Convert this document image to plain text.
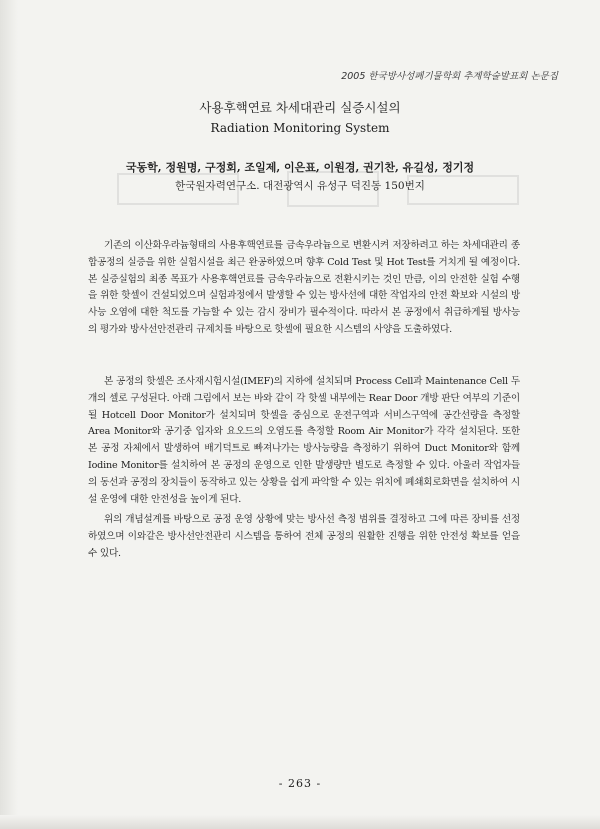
2005 한국방사성폐기물학회 추계학술발표회 논문집
사용후핵연료 차세대관리 실증시설의
Radiation Monitoring System
국동학, 정원명, 구정회, 조일제, 이은표, 이원경, 권기찬, 유길성, 정기정
한국원자력연구소. 대전광역시 유성구 덕진동 150번지

기존의 이산화우라늄형태의 사용후핵연료를 금속우라늄으로 변환시켜 저장하려고 하는 차세대관리 종합공정의 실증을 위한 실험시설을 최근 완공하였으며 향후 Cold Test 및 Hot Test를 거치게 될 예정이다. 본 실증실험의 최종 목표가 사용후핵연료를 금속우라늄으로 전환시키는 것인 만큼, 이의 안전한 실험 수행을 위한 핫셀이 건설되었으며 실험과정에서 발생할 수 있는 방사선에 대한 작업자의 안전 확보와 시설의 방사능 오염에 대한 척도를 가늠할 수 있는 감시 장비가 필수적이다. 따라서 본 공정에서 취급하게될 방사능의 평가와 방사선안전관리 규제치를 바탕으로 핫셀에 필요한 시스템의 사양을 도출하였다.

본 공정의 핫셀은 조사재시험시설(IMEF)의 지하에 설치되며 Process Cell과 Maintenance Cell 두 개의 셀로 구성된다. 아래 그림에서 보는 바와 같이 각 핫셀 내부에는 Rear Door 개방 판단 여부의 기준이 될 Hotcell Door Monitor가 설치되며 핫셀을 중심으로 운전구역과 서비스구역에 공간선량을 측정할 Area Monitor와 공기중 입자와 요오드의 오염도를 측정할 Room Air Monitor가 각각 설치된다. 또한 본 공정 자체에서 발생하여 배기덕트로 빠져나가는 방사능량을 측정하기 위하여 Duct Monitor와 함께 Iodine Monitor를 설치하여 본 공정의 운영으로 인한 발생량만 별도로 측정할 수 있다. 아울러 작업자들의 동선과 공정의 장치들이 동작하고 있는 상황을 쉽게 파악할 수 있는 위치에 폐쇄회로화면을 설치하여 시설 운영에 대한 안전성을 높이게 된다.

위의 개념설계를 바탕으로 공정 운영 상황에 맞는 방사선 측정 범위를 결정하고 그에 따른 장비를 선정하였으며 이와같은 방사선안전관리 시스템을 통하여 전체 공정의 원활한 진행을 위한 안전성 확보를 얻을 수 있다.

- 263 -
